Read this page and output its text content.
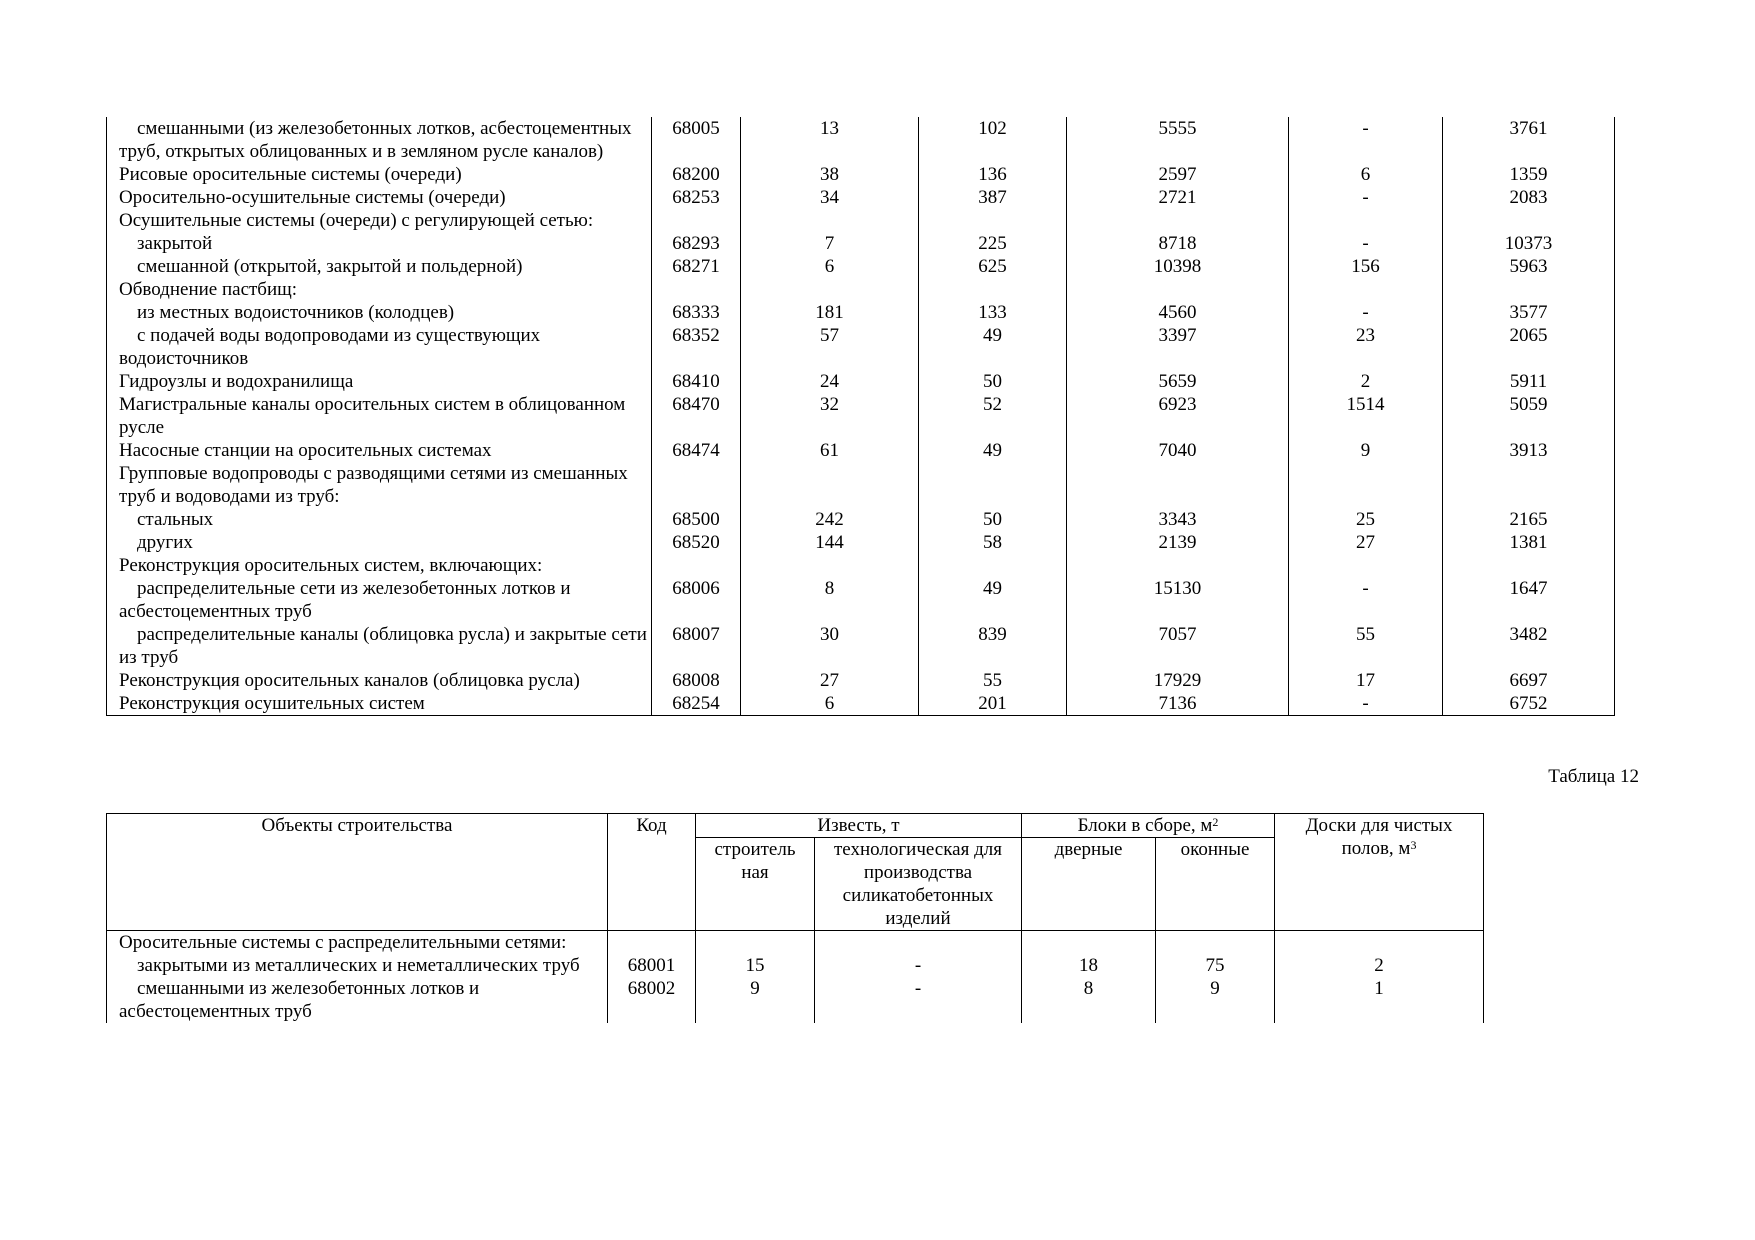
смешанными (из железобетонных лотков, асбестоцементных труб, открытых облицованных и в земляном русле каналов)	68005	13	102	5555	-	3761
Рисовые оросительные системы (очереди)	68200	38	136	2597	6	1359
Оросительно-осушительные системы (очереди)	68253	34	387	2721	-	2083
Осушительные системы (очереди) с регулирующей сетью:						
закрытой	68293	7	225	8718	-	10373
смешанной (открытой, закрытой и польдерной)	68271	6	625	10398	156	5963
Обводнение пастбищ:						
из местных водоисточников (колодцев)	68333	181	133	4560	-	3577
с подачей воды водопроводами из существующих водоисточников	68352	57	49	3397	23	2065
Гидроузлы и водохранилища	68410	24	50	5659	2	5911
Магистральные каналы оросительных систем в облицованном русле	68470	32	52	6923	1514	5059
Насосные станции на оросительных системах	68474	61	49	7040	9	3913
Групповые водопроводы с разводящими сетями из смешанных труб и водоводами из труб:						
стальных	68500	242	50	3343	25	2165
других	68520	144	58	2139	27	1381
Реконструкция оросительных систем, включающих:						
распределительные сети из железобетонных лотков и асбестоцементных труб	68006	8	49	15130	-	1647
распределительные каналы (облицовка русла) и закрытые сети из труб	68007	30	839	7057	55	3482
Реконструкция оросительных каналов (облицовка русла)	68008	27	55	17929	17	6697
Реконструкция осушительных систем	68254	6	201	7136	-	6752
Таблица 12
Объекты строительства	Код	Известь, т		Блоки в сборе, $м^2$		Доски для чистых полов, $м^3$
		строитель ная	технологическая для производства силикатобетонных изделий	дверные	оконные	
Оросительные системы с распределительными сетями:						
закрытыми из металлических и неметаллических труб	68001	15	-	18	75	2
смешанными из железобетонных лотков и асбестоцементных труб	68002	9	-	8	9	1
